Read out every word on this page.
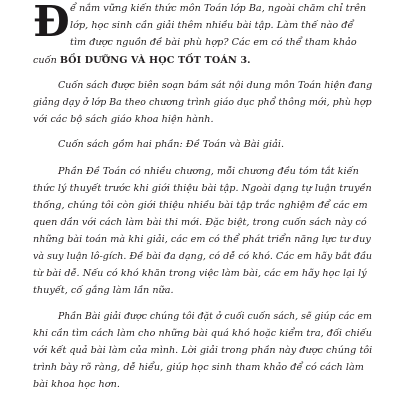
Đ ể nắm vững kiến thức môn Toán lớp Ba, ngoài chăm chỉ trên
lớp, học sinh cần giải thêm nhiều bài tập. Làm thế nào để
tìm được nguồn đề bài phù hợp? Các em có thể tham khảo
cuốn BỒI DƯỠNG VÀ HỌC TỐT TOÁN 3.
Cuốn sách được biên soạn bám sát nội dung môn Toán hiện đang
giảng dạy ở lớp Ba theo chương trình giáo dục phổ thông mới, phù hợp
với các bộ sách giáo khoa hiện hành.
Cuốn sách gồm hai phần: Đề Toán và Bài giải.
Phần Đề Toán có nhiều chương, mỗi chương đều tóm tắt kiến
thức lý thuyết trước khi giới thiệu bài tập. Ngoài dạng tự luận truyền
thống, chúng tôi còn giới thiệu nhiều bài tập trắc nghiệm để các em
quen dần với cách làm bài thi mới. Đặc biệt, trong cuốn sách này có
những bài toán mà khi giải, các em có thể phát triển năng lực tư duy
và suy luận lô-gích. Đề bài đa dạng, có dễ có khó. Các em hãy bắt đầu
từ bài dễ. Nếu có khó khăn trong việc làm bài, các em hãy học lại lý
thuyết, cố gắng làm lần nữa.
Phần Bài giải được chúng tôi đặt ở cuối cuốn sách, sẽ giúp các em
khi cần tìm cách làm cho những bài quá khó hoặc kiểm tra, đối chiếu
với kết quả bài làm của mình. Lời giải trong phần này được chúng tôi
trình bày rõ ràng, dễ hiểu, giúp học sinh tham khảo để có cách làm
bài khoa học hơn.
